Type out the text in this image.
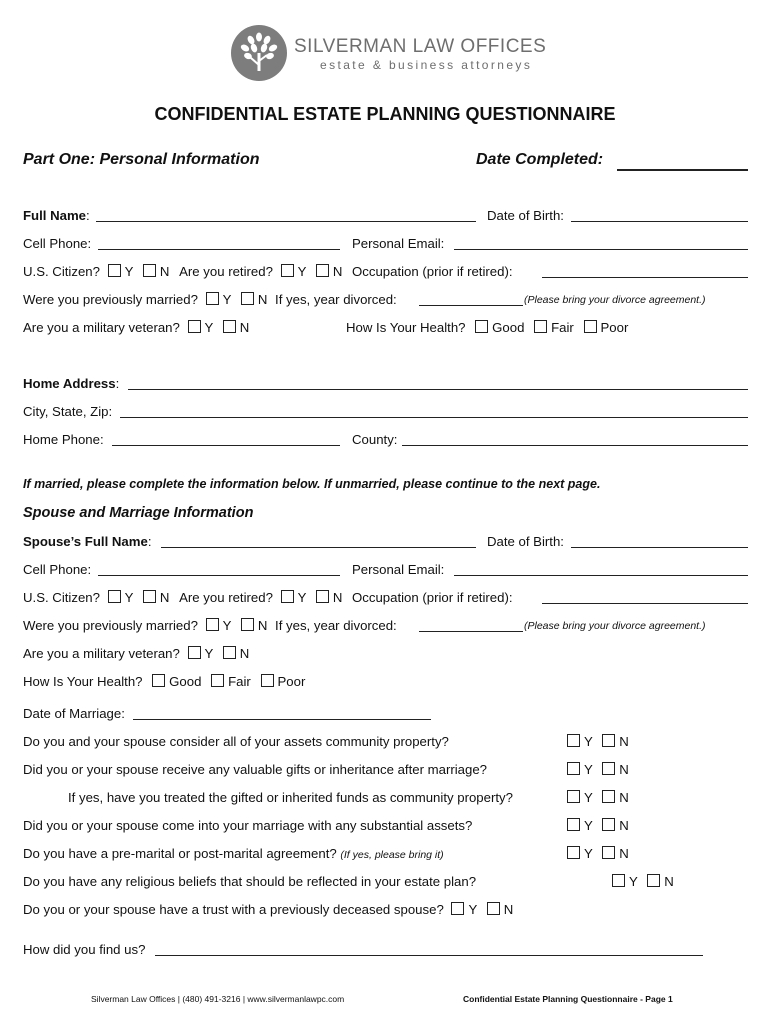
SILVERMAN LAW OFFICES
estate & business attorneys
CONFIDENTIAL ESTATE PLANNING QUESTIONNAIRE
Part One: Personal Information	Date Completed:
Full Name:	Date of Birth:
Cell Phone:	Personal Email:
U.S. Citizen? Y N Are you retired? Y N Occupation (prior if retired):
Were you previously married? Y N If yes, year divorced:	(Please bring your divorce agreement.)
Are you a military veteran? Y N	How Is Your Health? Good Fair Poor
Home Address:
City, State, Zip:
Home Phone:	County:
If married, please complete the information below. If unmarried, please continue to the next page.
Spouse and Marriage Information
Spouse’s Full Name:	Date of Birth:
Cell Phone:	Personal Email:
U.S. Citizen? Y N Are you retired? Y N Occupation (prior if retired):
Were you previously married? Y N If yes, year divorced:	(Please bring your divorce agreement.)
Are you a military veteran? Y N
How Is Your Health? Good Fair Poor
Date of Marriage:
Do you and your spouse consider all of your assets community property?	Y N
Did you or your spouse receive any valuable gifts or inheritance after marriage?	Y N
If yes, have you treated the gifted or inherited funds as community property?	Y N
Did you or your spouse come into your marriage with any substantial assets?	Y N
Do you have a pre-marital or post-marital agreement? (If yes, please bring it)	Y N
Do you have any religious beliefs that should be reflected in your estate plan?	Y N
Do you or your spouse have a trust with a previously deceased spouse? Y N
How did you find us?
Silverman Law Offices | (480) 491-3216 | www.silvermanlawpc.com	Confidential Estate Planning Questionnaire - Page 1
